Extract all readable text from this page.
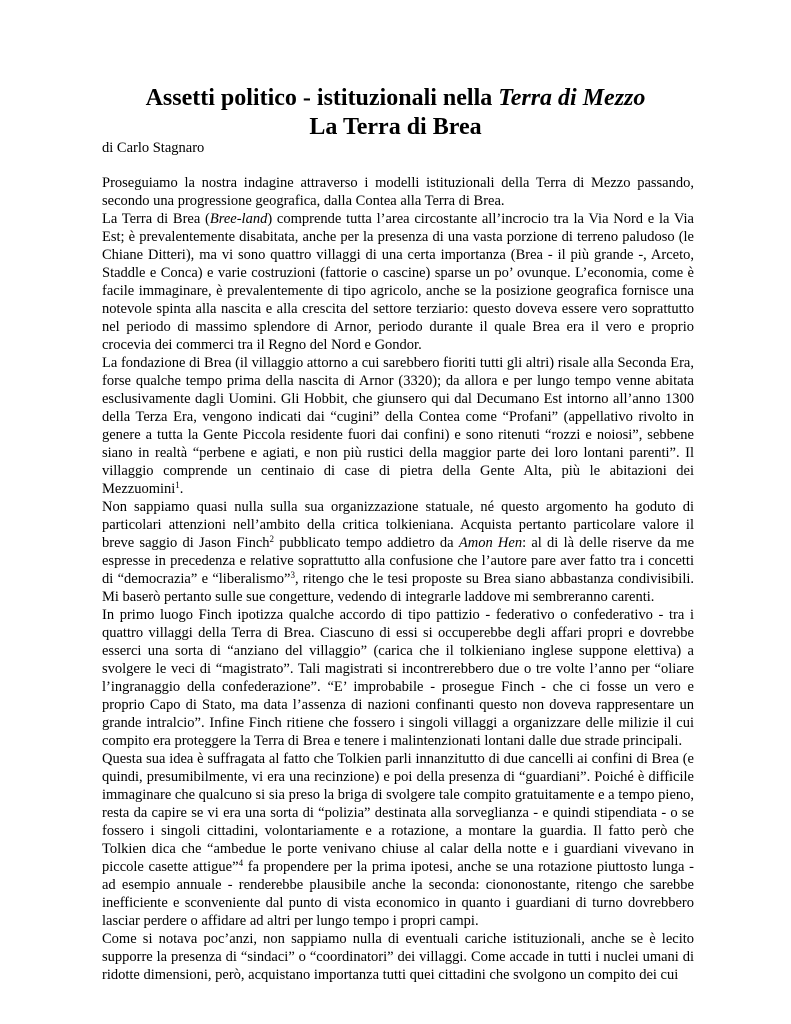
Assetti politico - istituzionali nella Terra di Mezzo
La Terra di Brea
di Carlo Stagnaro

Proseguiamo la nostra indagine attraverso i modelli istituzionali della Terra di Mezzo passando, secondo una progressione geografica, dalla Contea alla Terra di Brea.

La Terra di Brea (Bree-land) comprende tutta l’area circostante all’incrocio tra la Via Nord e la Via Est; è prevalentemente disabitata, anche per la presenza di una vasta porzione di terreno paludoso (le Chiane Ditteri), ma vi sono quattro villaggi di una certa importanza (Brea - il più grande -, Arceto, Staddle e Conca) e varie costruzioni (fattorie o cascine) sparse un po’ ovunque. L’economia, come è facile immaginare, è prevalentemente di tipo agricolo, anche se la posizione geografica fornisce una notevole spinta alla nascita e alla crescita del settore terziario: questo doveva essere vero soprattutto nel periodo di massimo splendore di Arnor, periodo durante il quale Brea era il vero e proprio crocevia dei commerci tra il Regno del Nord e Gondor.

La fondazione di Brea (il villaggio attorno a cui sarebbero fioriti tutti gli altri) risale alla Seconda Era, forse qualche tempo prima della nascita di Arnor (3320); da allora e per lungo tempo venne abitata esclusivamente dagli Uomini. Gli Hobbit, che giunsero qui dal Decumano Est intorno all’anno 1300 della Terza Era, vengono indicati dai “cugini” della Contea come “Profani” (appellativo rivolto in genere a tutta la Gente Piccola residente fuori dai confini) e sono ritenuti “rozzi e noiosi”, sebbene siano in realtà “perbene e agiati, e non più rustici della maggior parte dei loro lontani parenti”. Il villaggio comprende un centinaio di case di pietra della Gente Alta, più le abitazioni dei Mezzuomini$^1$.

Non sappiamo quasi nulla sulla sua organizzazione statuale, né questo argomento ha goduto di particolari attenzioni nell’ambito della critica tolkieniana. Acquista pertanto particolare valore il breve saggio di Jason Finch$^2$ pubblicato tempo addietro da Amon Hen: al di là delle riserve da me espresse in precedenza e relative soprattutto alla confusione che l’autore pare aver fatto tra i concetti di “democrazia” e “liberalismo”$^3$, ritengo che le tesi proposte su Brea siano abbastanza condivisibili. Mi baserò pertanto sulle sue congetture, vedendo di integrarle laddove mi sembreranno carenti.

In primo luogo Finch ipotizza qualche accordo di tipo pattizio - federativo o confederativo - tra i quattro villaggi della Terra di Brea. Ciascuno di essi si occuperebbe degli affari propri e dovrebbe esserci una sorta di “anziano del villaggio” (carica che il tolkieniano inglese suppone elettiva) a svolgere le veci di “magistrato”. Tali magistrati si incontrerebbero due o tre volte l’anno per “oliare l’ingranaggio della confederazione”. “E’ improbabile - prosegue Finch - che ci fosse un vero e proprio Capo di Stato, ma data l’assenza di nazioni confinanti questo non doveva rappresentare un grande intralcio”. Infine Finch ritiene che fossero i singoli villaggi a organizzare delle milizie il cui compito era proteggere la Terra di Brea e tenere i malintenzionati lontani dalle due strade principali.

Questa sua idea è suffragata al fatto che Tolkien parli innanzitutto di due cancelli ai confini di Brea (e quindi, presumibilmente, vi era una recinzione) e poi della presenza di “guardiani”. Poiché è difficile immaginare che qualcuno si sia preso la briga di svolgere tale compito gratuitamente e a tempo pieno, resta da capire se vi era una sorta di “polizia” destinata alla sorveglianza - e quindi stipendiata - o se fossero i singoli cittadini, volontariamente e a rotazione, a montare la guardia. Il fatto però che Tolkien dica che “ambedue le porte venivano chiuse al calar della notte e i guardiani vivevano in piccole casette attigue”$^4$ fa propendere per la prima ipotesi, anche se una rotazione piuttosto lunga - ad esempio annuale - renderebbe plausibile anche la seconda: ciononostante, ritengo che sarebbe inefficiente e sconveniente dal punto di vista economico in quanto i guardiani di turno dovrebbero lasciar perdere o affidare ad altri per lungo tempo i propri campi.

Come si notava poc’anzi, non sappiamo nulla di eventuali cariche istituzionali, anche se è lecito supporre la presenza di “sindaci” o “coordinatori” dei villaggi. Come accade in tutti i nuclei umani di ridotte dimensioni, però, acquistano importanza tutti quei cittadini che svolgono un compito dei cui
